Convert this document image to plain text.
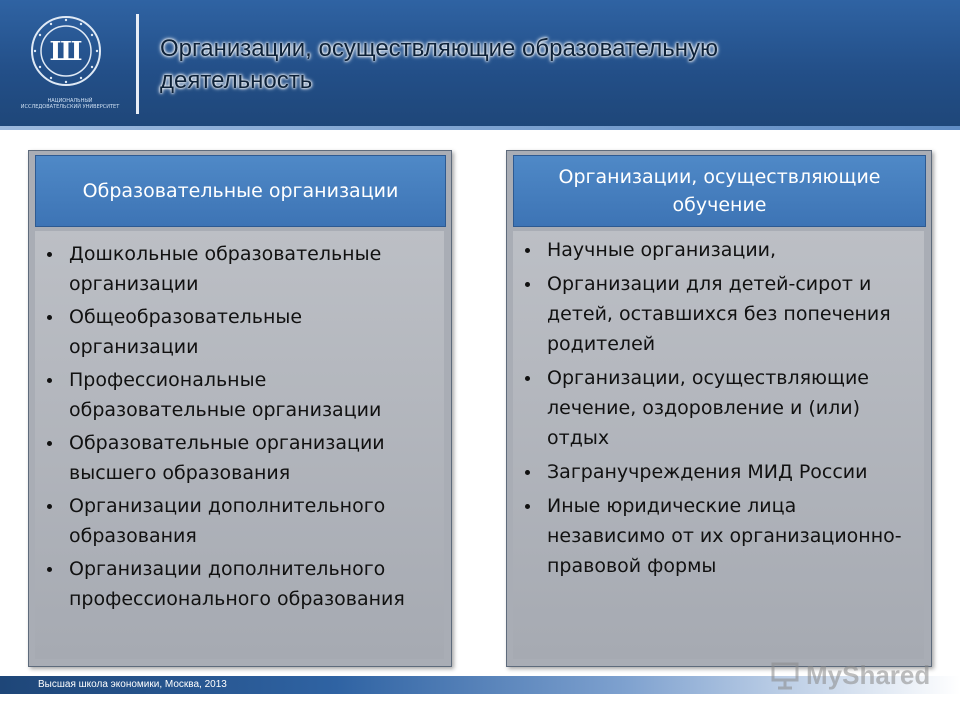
Ш
НАЦИОНАЛЬНЫЙ ИССЛЕДОВАТЕЛЬСКИЙ УНИВЕРСИТЕТ
Организации, осуществляющие образовательную
деятельность
Образовательные организации
Дошкольные образовательные организации
Общеобразовательные организации
Профессиональные образовательные организации
Образовательные организации высшего образования
Организации дополнительного образования
Организации дополнительного профессионального образования
Организации, осуществляющие
обучение
Научные организации,
Организации для детей-сирот и детей, оставшихся без попечения родителей
Организации, осуществляющие лечение, оздоровление и (или) отдых
Загранучреждения МИД России
Иные юридические лица независимо от их организационно-правовой формы
Высшая школа экономики, Москва, 2013	MyShared
